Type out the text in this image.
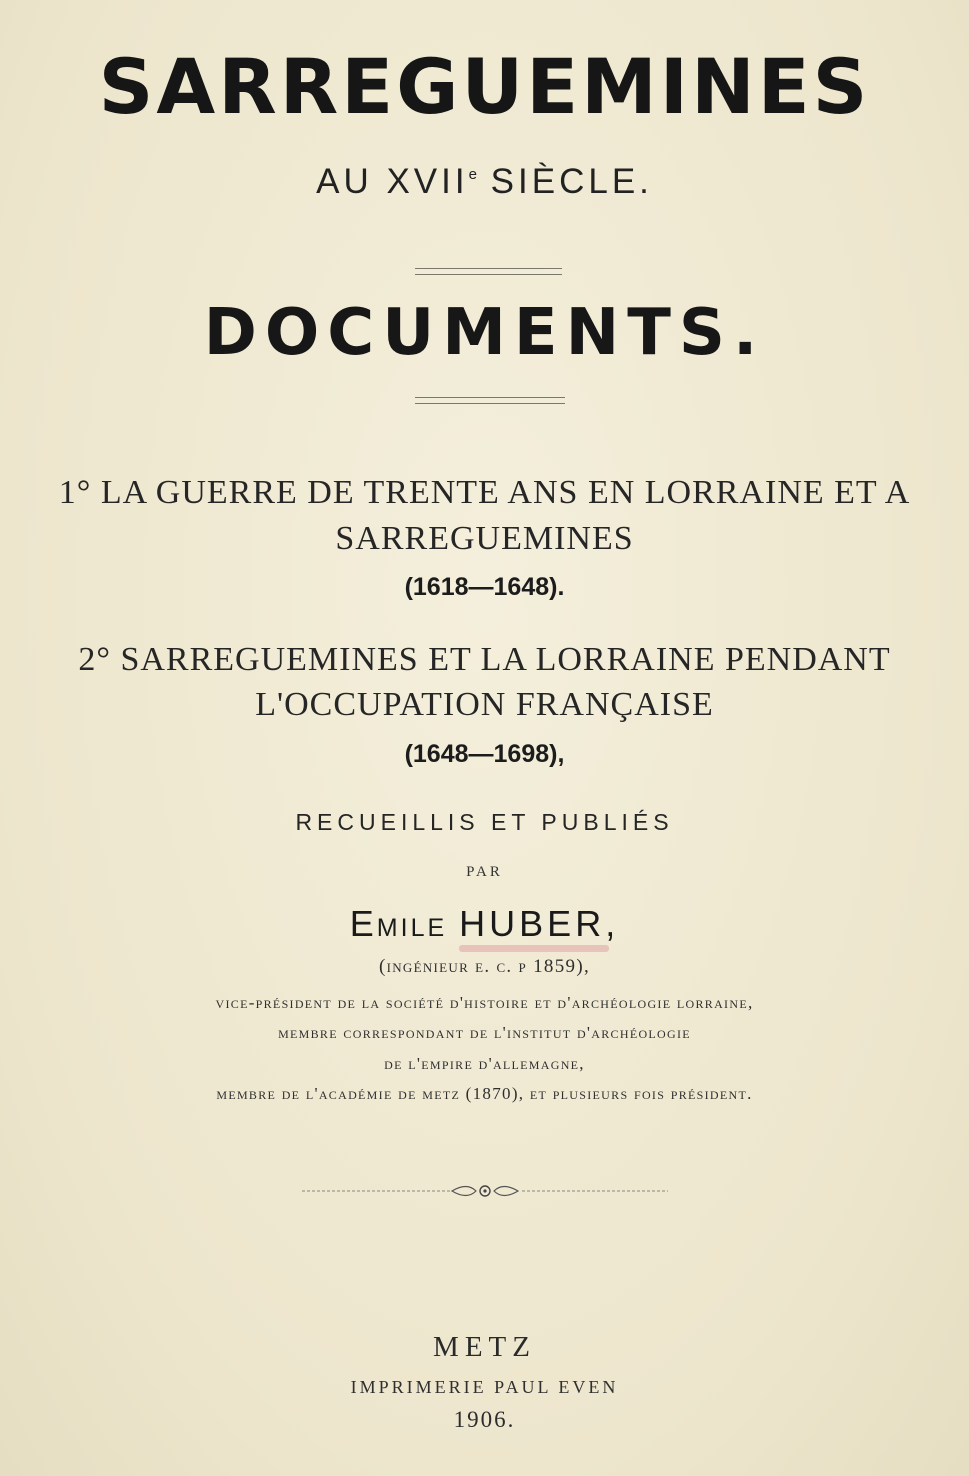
SARREGUEMINES
AU XVIIe SIÈCLE.
DOCUMENTS.
1° LA GUERRE DE TRENTE ANS EN LORRAINE ET A
SARREGUEMINES
(1618—1648).
2° SARREGUEMINES ET LA LORRAINE PENDANT
L'OCCUPATION FRANÇAISE
(1648—1698),
RECUEILLIS ET PUBLIÉS
PAR
Emile HUBER,
(ingénieur e. c. p 1859),
vice-président de la société d'histoire et d'archéologie lorraine,
membre correspondant de l'institut d'archéologie
de l'empire d'allemagne,
membre de l'académie de metz (1870), et plusieurs fois président.
METZ
IMPRIMERIE PAUL EVEN
1906.
